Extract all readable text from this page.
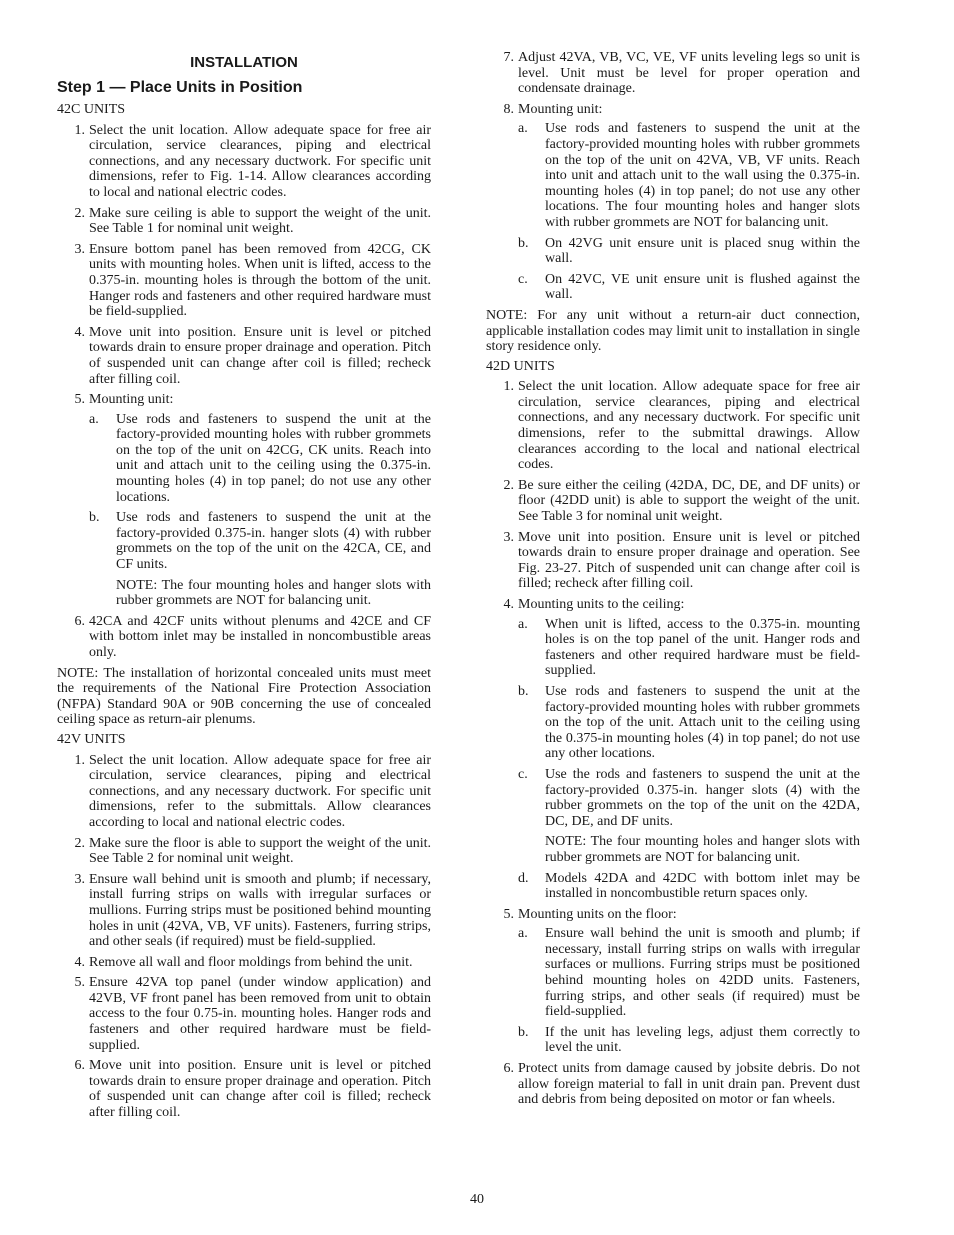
INSTALLATION
Step 1 — Place Units in Position

42C UNITS

1. Select the unit location. Allow adequate space for free air circulation, service clearances, piping and electrical connections, and any necessary ductwork. For specific unit dimensions, refer to Fig. 1-14. Allow clearances according to local and national electric codes.
2. Make sure ceiling is able to support the weight of the unit. See Table 1 for nominal unit weight.
3. Ensure bottom panel has been removed from 42CG, CK units with mounting holes. When unit is lifted, access to the 0.375-in. mounting holes is through the bottom of the unit. Hanger rods and fasteners and other required hardware must be field-supplied.
4. Move unit into position. Ensure unit is level or pitched towards drain to ensure proper drainage and operation. Pitch of suspended unit can change after coil is filled; recheck after filling coil.
5. Mounting unit:
a.	Use rods and fasteners to suspend the unit at the factory-provided mounting holes with rubber grommets on the top of the unit on 42CG, CK units. Reach into unit and attach unit to the ceiling using the 0.375-in. mounting holes (4) in top panel; do not use any other locations.
b.	Use rods and fasteners to suspend the unit at the factory-provided 0.375-in. hanger slots (4) with rubber grommets on the top of the unit on the 42CA, CE, and CF units.

NOTE: The four mounting holes and hanger slots with rubber grommets are NOT for balancing unit.

6. 42CA and 42CF units without plenums and 42CE and CF with bottom inlet may be installed in noncombustible areas only.

NOTE: The installation of horizontal concealed units must meet the requirements of the National Fire Protection Association (NFPA) Standard 90A or 90B concerning the use of concealed ceiling space as return-air plenums.

42V UNITS

1. Select the unit location. Allow adequate space for free air circulation, service clearances, piping and electrical connections, and any necessary ductwork. For specific unit dimensions, refer to the submittals. Allow clearances according to local and national electric codes.
2. Make sure the floor is able to support the weight of the unit. See Table 2 for nominal unit weight.
3. Ensure wall behind unit is smooth and plumb; if necessary, install furring strips on walls with irregular surfaces or mullions. Furring strips must be positioned behind mounting holes in unit (42VA, VB, VF units). Fasteners, furring strips, and other seals (if required) must be field-supplied.
4. Remove all wall and floor moldings from behind the unit.
5. Ensure 42VA top panel (under window application) and 42VB, VF front panel has been removed from unit to obtain access to the four 0.75-in. mounting holes. Hanger rods and fasteners and other required hardware must be field-supplied.
6. Move unit into position. Ensure unit is level or pitched towards drain to ensure proper drainage and operation. Pitch of suspended unit can change after coil is filled; recheck after filling coil.
7. Adjust 42VA, VB, VC, VE, VF units leveling legs so unit is level. Unit must be level for proper operation and condensate drainage.
8. Mounting unit:
a.	Use rods and fasteners to suspend the unit at the factory-provided mounting holes with rubber grommets on the top of the unit on 42VA, VB, VF units. Reach into unit and attach unit to the wall using the 0.375-in. mounting holes (4) in top panel; do not use any other locations. The four mounting holes and hanger slots with rubber grommets are NOT for balancing unit.
b.	On 42VG unit ensure unit is placed snug within the wall.
c.	On 42VC, VE unit ensure unit is flushed against the wall.

NOTE: For any unit without a return-air duct connection, applicable installation codes may limit unit to installation in single story residence only.

42D UNITS

1. Select the unit location. Allow adequate space for free air circulation, service clearances, piping and electrical connections, and any necessary ductwork. For specific unit dimensions, refer to the submittal drawings. Allow clearances according to the local and national electrical codes.
2. Be sure either the ceiling (42DA, DC, DE, and DF units) or floor (42DD unit) is able to support the weight of the unit. See Table 3 for nominal unit weight.
3. Move unit into position. Ensure unit is level or pitched towards drain to ensure proper drainage and operation. See Fig. 23-27. Pitch of suspended unit can change after coil is filled; recheck after filling coil.
4. Mounting units to the ceiling:
a.	When unit is lifted, access to the 0.375-in. mounting holes is on the top panel of the unit. Hanger rods and fasteners and other required hardware must be field-supplied.
b.	Use rods and fasteners to suspend the unit at the factory-provided mounting holes with rubber grommets on the top of the unit. Attach unit to the ceiling using the 0.375-in mounting holes (4) in top panel; do not use any other locations.
c.	Use the rods and fasteners to suspend the unit at the factory-provided 0.375-in. hanger slots (4) with the rubber grommets on the top of the unit on the 42DA, DC, DE, and DF units.

NOTE: The four mounting holes and hanger slots with rubber grommets are NOT for balancing unit.

d.	Models 42DA and 42DC with bottom inlet may be installed in noncombustible return spaces only.
5. Mounting units on the floor:
a.	Ensure wall behind the unit is smooth and plumb; if necessary, install furring strips on walls with irregular surfaces or mullions. Furring strips must be positioned behind mounting holes on 42DD units. Fasteners, furring strips, and other seals (if required) must be field-supplied.
b.	If the unit has leveling legs, adjust them correctly to level the unit.
6. Protect units from damage caused by jobsite debris. Do not allow foreign material to fall in unit drain pan. Prevent dust and debris from being deposited on motor or fan wheels.
40
